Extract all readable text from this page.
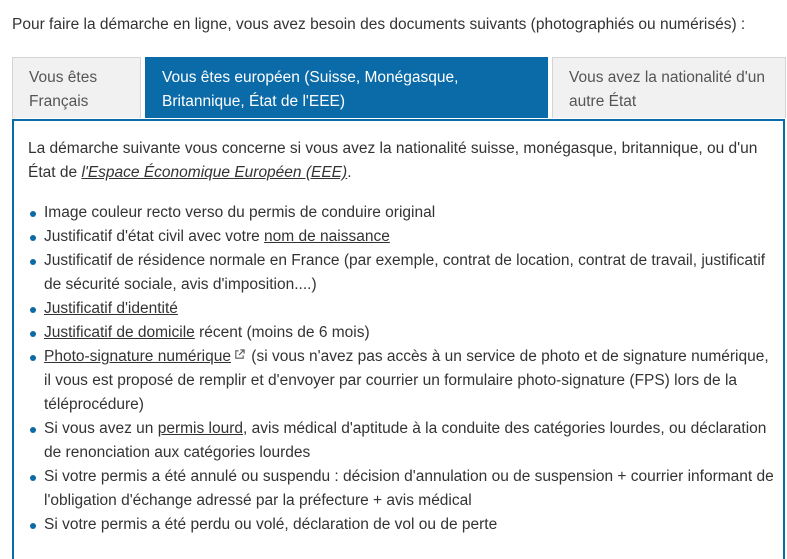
Pour faire la démarche en ligne, vous avez besoin des documents suivants (photographiés ou numérisés) :
Vous êtes
Français
Vous êtes européen (Suisse, Monégasque,
Britannique, État de l'EEE)
Vous avez la nationalité d'un
autre État

La démarche suivante vous concerne si vous avez la nationalité suisse, monégasque, britannique, ou d'un État de l'Espace Économique Européen (EEE).

Image couleur recto verso du permis de conduire original
Justificatif d'état civil avec votre nom de naissance
Justificatif de résidence normale en France (par exemple, contrat de location, contrat de travail, justificatif de sécurité sociale, avis d'imposition....)
Justificatif d'identité
Justificatif de domicile récent (moins de 6 mois)
Photo-signature numérique (si vous n'avez pas accès à un service de photo et de signature numérique, il vous est proposé de remplir et d'envoyer par courrier un formulaire photo-signature (FPS) lors de la téléprocédure)
Si vous avez un permis lourd, avis médical d'aptitude à la conduite des catégories lourdes, ou déclaration de renonciation aux catégories lourdes
Si votre permis a été annulé ou suspendu : décision d'annulation ou de suspension + courrier informant de l'obligation d'échange adressé par la préfecture + avis médical
Si votre permis a été perdu ou volé, déclaration de vol ou de perte
